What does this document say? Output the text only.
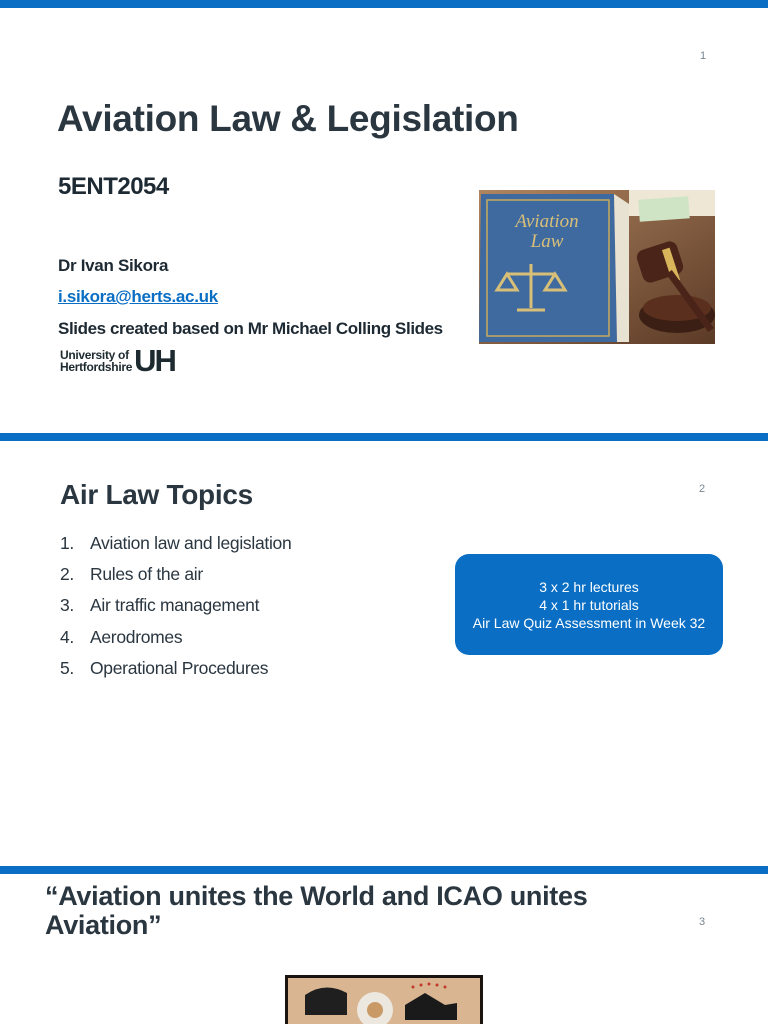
1
Aviation Law & Legislation
5ENT2054
Dr Ivan Sikora
i.sikora@herts.ac.uk
Slides created based on Mr Michael Colling Slides
University of
Hertfordshire UH
Aviation
Law
2
Air Law Topics
1. Aviation law and legislation
2. Rules of the air
3. Air traffic management
4. Aerodromes
5. Operational Procedures
3 x 2 hr lectures
4 x 1 hr tutorials
Air Law Quiz Assessment in Week 32
3
“Aviation unites the World and ICAO unites
Aviation”
